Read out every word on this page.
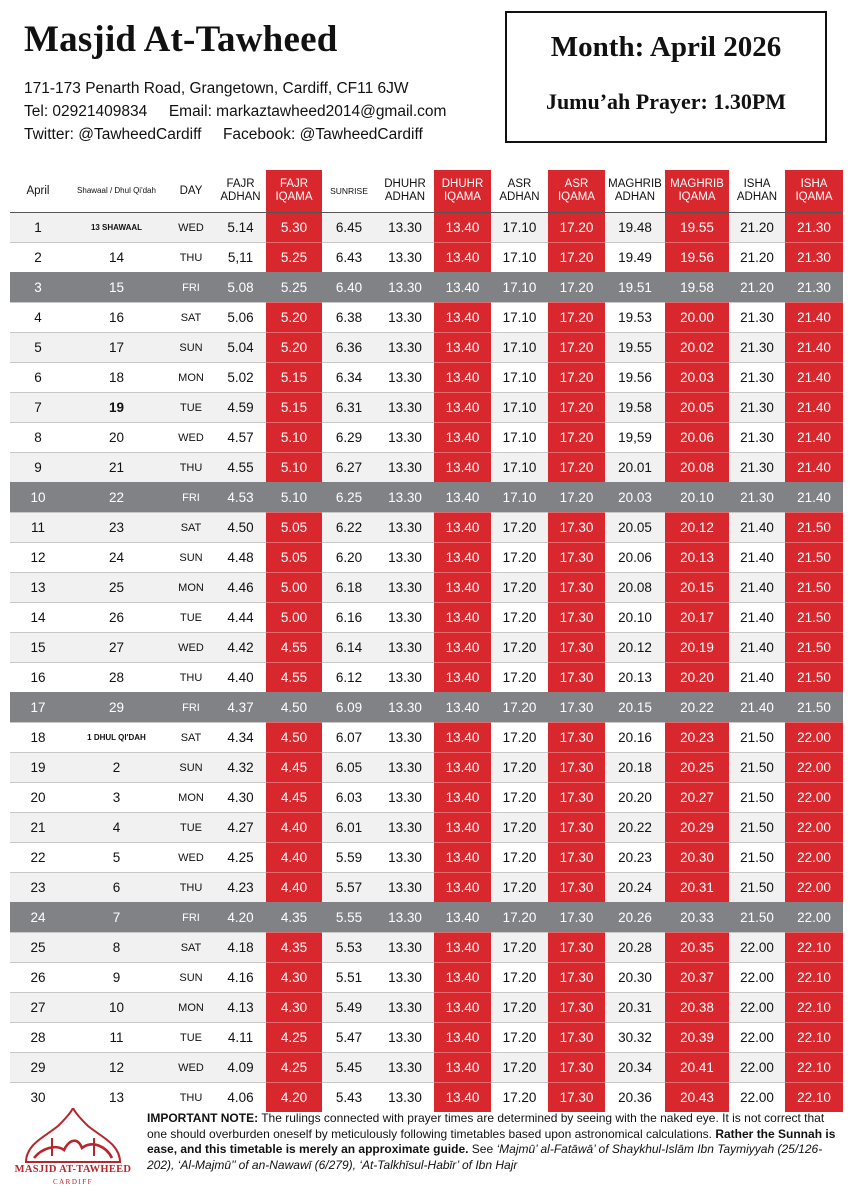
Masjid At-Tawheed
171-173 Penarth Road, Grangetown, Cardiff, CF11 6JW
Tel: 02921409834 Email: markaztawheed2014@gmail.com
Twitter: @TawheedCardiff Facebook: @TawheedCardiff
Month: April 2026
Jumu’ah Prayer: 1.30PM
April	Shawaal / Dhul Qi'dah	DAY	FAJR ADHAN	FAJR IQAMA	SUNRISE	DHUHR ADHAN	DHUHR IQAMA	ASR ADHAN	ASR IQAMA	MAGHRIB ADHAN	MAGHRIB IQAMA	ISHA ADHAN	ISHA IQAMA
1	13 SHAWAAL	WED	5.14	5.30	6.45	13.30	13.40	17.10	17.20	19.48	19.55	21.20	21.30
2	14	THU	5,11	5.25	6.43	13.30	13.40	17.10	17.20	19.49	19.56	21.20	21.30
3	15	FRI	5.08	5.25	6.40	13.30	13.40	17.10	17.20	19.51	19.58	21.20	21.30
4	16	SAT	5.06	5.20	6.38	13.30	13.40	17.10	17.20	19.53	20.00	21.30	21.40
5	17	SUN	5.04	5.20	6.36	13.30	13.40	17.10	17.20	19.55	20.02	21.30	21.40
6	18	MON	5.02	5.15	6.34	13.30	13.40	17.10	17.20	19.56	20.03	21.30	21.40
7	19	TUE	4.59	5.15	6.31	13.30	13.40	17.10	17.20	19.58	20.05	21.30	21.40
8	20	WED	4.57	5.10	6.29	13.30	13.40	17.10	17.20	19,59	20.06	21.30	21.40
9	21	THU	4.55	5.10	6.27	13.30	13.40	17.10	17.20	20.01	20.08	21.30	21.40
10	22	FRI	4.53	5.10	6.25	13.30	13.40	17.10	17.20	20.03	20.10	21.30	21.40
11	23	SAT	4.50	5.05	6.22	13.30	13.40	17.20	17.30	20.05	20.12	21.40	21.50
12	24	SUN	4.48	5.05	6.20	13.30	13.40	17.20	17.30	20.06	20.13	21.40	21.50
13	25	MON	4.46	5.00	6.18	13.30	13.40	17.20	17.30	20.08	20.15	21.40	21.50
14	26	TUE	4.44	5.00	6.16	13.30	13.40	17.20	17.30	20.10	20.17	21.40	21.50
15	27	WED	4.42	4.55	6.14	13.30	13.40	17.20	17.30	20.12	20.19	21.40	21.50
16	28	THU	4.40	4.55	6.12	13.30	13.40	17.20	17.30	20.13	20.20	21.40	21.50
17	29	FRI	4.37	4.50	6.09	13.30	13.40	17.20	17.30	20.15	20.22	21.40	21.50
18	1 DHUL QI'DAH	SAT	4.34	4.50	6.07	13.30	13.40	17.20	17.30	20.16	20.23	21.50	22.00
19	2	SUN	4.32	4.45	6.05	13.30	13.40	17.20	17.30	20.18	20.25	21.50	22.00
20	3	MON	4.30	4.45	6.03	13.30	13.40	17.20	17.30	20.20	20.27	21.50	22.00
21	4	TUE	4.27	4.40	6.01	13.30	13.40	17.20	17.30	20.22	20.29	21.50	22.00
22	5	WED	4.25	4.40	5.59	13.30	13.40	17.20	17.30	20.23	20.30	21.50	22.00
23	6	THU	4.23	4.40	5.57	13.30	13.40	17.20	17.30	20.24	20.31	21.50	22.00
24	7	FRI	4.20	4.35	5.55	13.30	13.40	17.20	17.30	20.26	20.33	21.50	22.00
25	8	SAT	4.18	4.35	5.53	13.30	13.40	17.20	17.30	20.28	20.35	22.00	22.10
26	9	SUN	4.16	4.30	5.51	13.30	13.40	17.20	17.30	20.30	20.37	22.00	22.10
27	10	MON	4.13	4.30	5.49	13.30	13.40	17.20	17.30	20.31	20.38	22.00	22.10
28	11	TUE	4.11	4.25	5.47	13.30	13.40	17.20	17.30	30.32	20.39	22.00	22.10
29	12	WED	4.09	4.25	5.45	13.30	13.40	17.20	17.30	20.34	20.41	22.00	22.10
30	13	THU	4.06	4.20	5.43	13.30	13.40	17.20	17.30	20.36	20.43	22.00	22.10
MASJID AT-TAWHEED
CARDIFF
IMPORTANT NOTE: The rulings connected with prayer times are determined by seeing with the naked eye. It is not correct that one should overburden oneself by meticulously following timetables based upon astronomical calculations. Rather the Sunnah is ease, and this timetable is merely an approximate guide. See ‘Majmū’ al-Fatāwā’ of Shaykhul-Islām Ibn Taymiyyah (25/126- 202), ‘Al-Majmū’’ of an-Nawawī (6/279), ‘At-Talkhīsul-Habīr’ of Ibn Hajr
